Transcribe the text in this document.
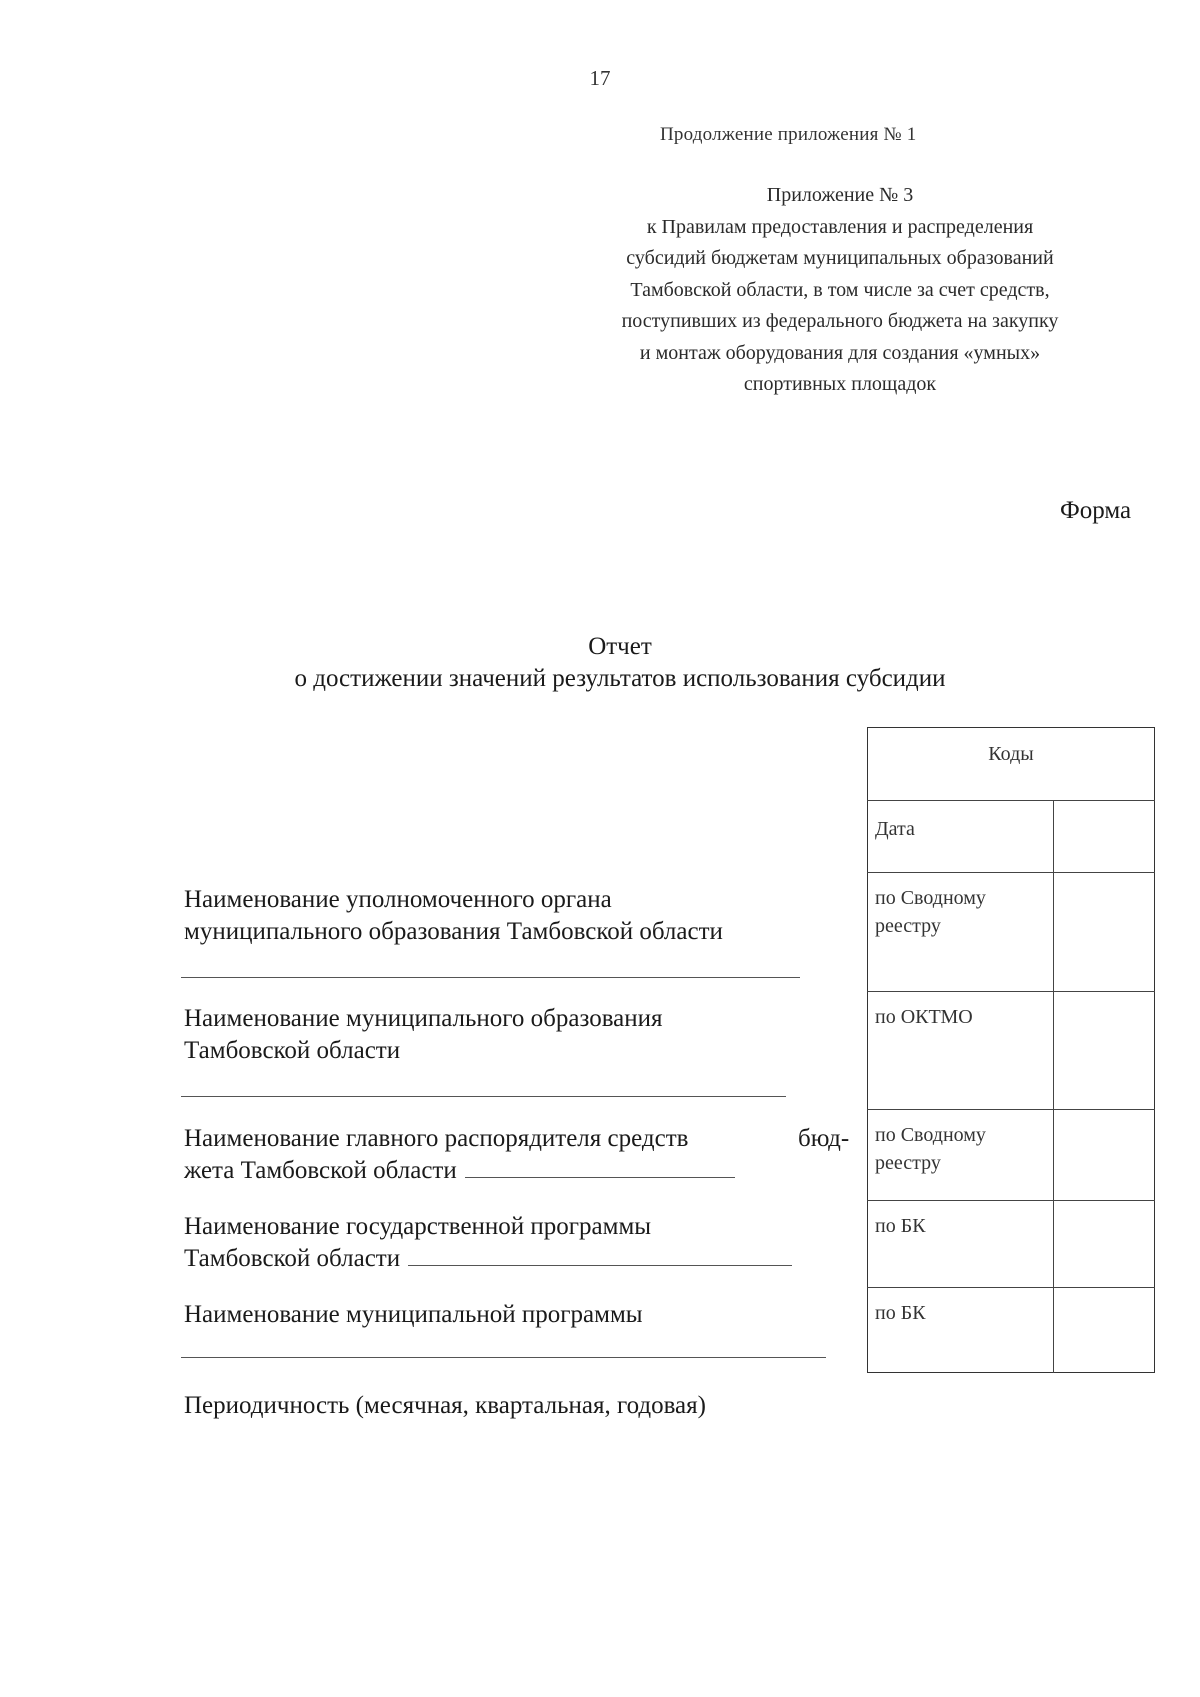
17
Продолжение приложения № 1
Приложение № 3
к Правилам предоставления и распределения
субсидий бюджетам муниципальных образований
Тамбовской области, в том числе за счет средств,
поступивших из федерального бюджета на закупку
и монтаж оборудования для создания «умных»
спортивных площадок
Форма
Отчет
о достижении значений результатов использования субсидии
Наименование уполномоченного органа
муниципального образования Тамбовской области
Наименование муниципального образования
Тамбовской области
Наименование главного распорядителя средств
жета Тамбовской области
бюд-
Наименование государственной программы
Тамбовской области
Наименование муниципальной программы
Периодичность (месячная, квартальная, годовая)
Коды
Дата
по Сводному
реестру
по ОКТМО
по Сводному
реестру
по БК
по БК
